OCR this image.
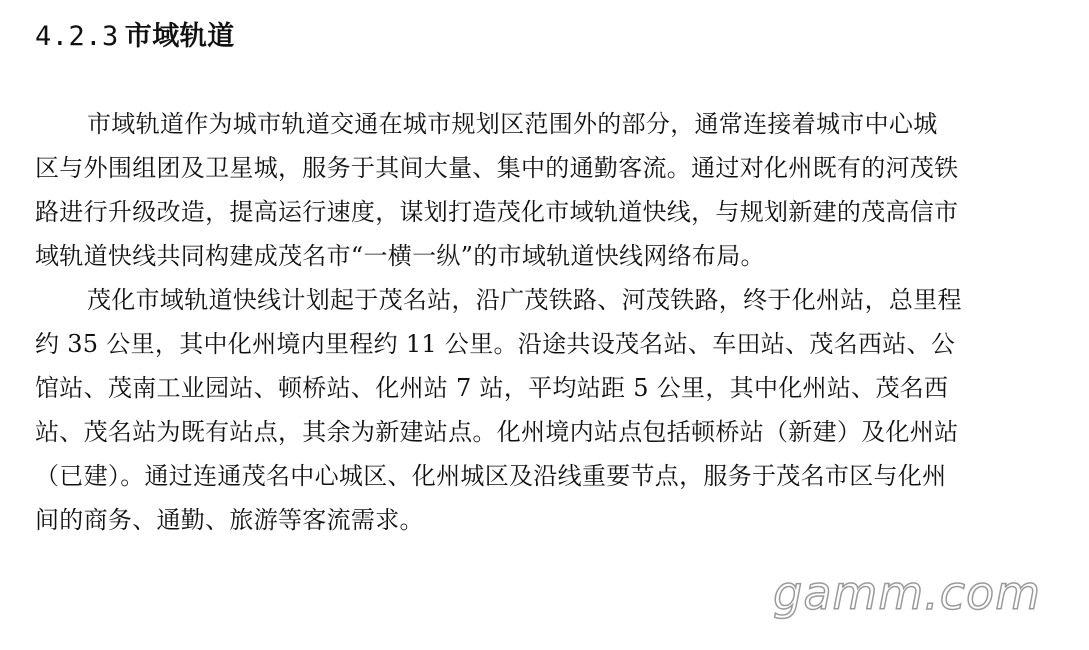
4.2.3 市域轨道
市域轨道作为城市轨道交通在城市规划区范围外的部分，通常连接着城市中心城
区与外围组团及卫星城，服务于其间大量、集中的通勤客流。通过对化州既有的河茂铁
路进行升级改造，提高运行速度，谋划打造茂化市域轨道快线，与规划新建的茂高信市
域轨道快线共同构建成茂名市“一横一纵”的市域轨道快线网络布局。
茂化市域轨道快线计划起于茂名站，沿广茂铁路、河茂铁路，终于化州站，总里程
约 35 公里，其中化州境内里程约 11 公里。沿途共设茂名站、车田站、茂名西站、公
馆站、茂南工业园站、顿桥站、化州站 7 站，平均站距 5 公里，其中化州站、茂名西
站、茂名站为既有站点，其余为新建站点。化州境内站点包括顿桥站（新建）及化州站
（已建）。通过连通茂名中心城区、化州城区及沿线重要节点，服务于茂名市区与化州
间的商务、通勤、旅游等客流需求。
gamm.com
